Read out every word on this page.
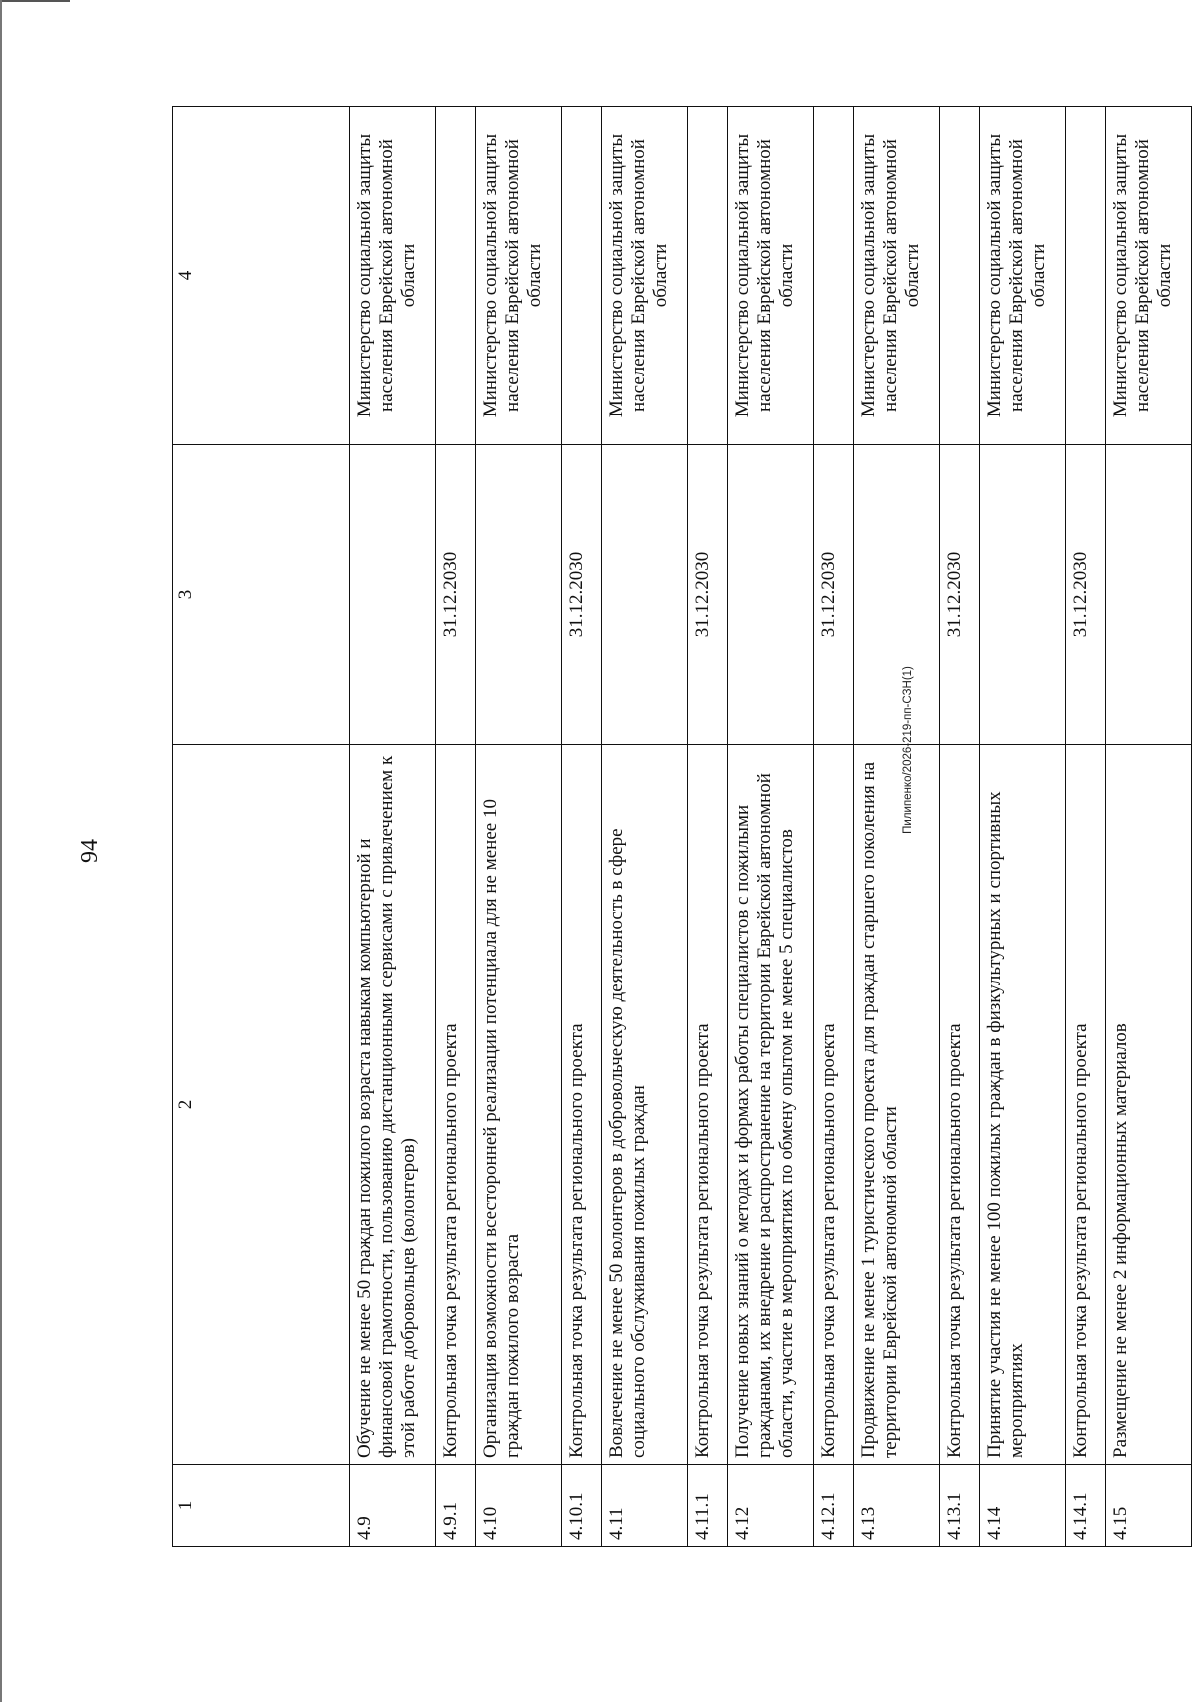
94
1	2	3	4
4.9	Обучение не менее 50 граждан пожилого возраста навыкам компьютерной и финансовой грамотности, пользованию дистанционными сервисами с привлечением к этой работе добровольцев (волонтеров)		Министерство социальной защиты населения Еврейской автономной области
4.9.1	Контрольная точка результата регионального проекта	31.12.2030	
4.10	Организация возможности всесторонней реализации потенциала для не менее 10 граждан пожилого возраста		Министерство социальной защиты населения Еврейской автономной области
4.10.1	Контрольная точка результата регионального проекта	31.12.2030	
4.11	Вовлечение не менее 50 волонтеров в добровольческую деятельность в сфере социального обслуживания пожилых граждан		Министерство социальной защиты населения Еврейской автономной области
4.11.1	Контрольная точка результата регионального проекта	31.12.2030	
4.12	Получение новых знаний о методах и формах работы специалистов с пожилыми гражданами, их внедрение и распространение на территории Еврейской автономной области, участие в мероприятиях по обмену опытом не менее 5 специалистов		Министерство социальной защиты населения Еврейской автономной области
4.12.1	Контрольная точка результата регионального проекта	31.12.2030	
4.13	Продвижение не менее 1 туристического проекта для граждан старшего поколения на территории Еврейской автономной области		Министерство социальной защиты населения Еврейской автономной области
4.13.1	Контрольная точка результата регионального проекта	31.12.2030	
4.14	Принятие участия не менее 100 пожилых граждан в физкультурных и спортивных мероприятиях		Министерство социальной защиты населения Еврейской автономной области
4.14.1	Контрольная точка результата регионального проекта	31.12.2030	
4.15	Размещение не менее 2 информационных материалов		Министерство социальной защиты населения Еврейской автономной области
Пилипенко/2026-219-пп-СЗН(1)
